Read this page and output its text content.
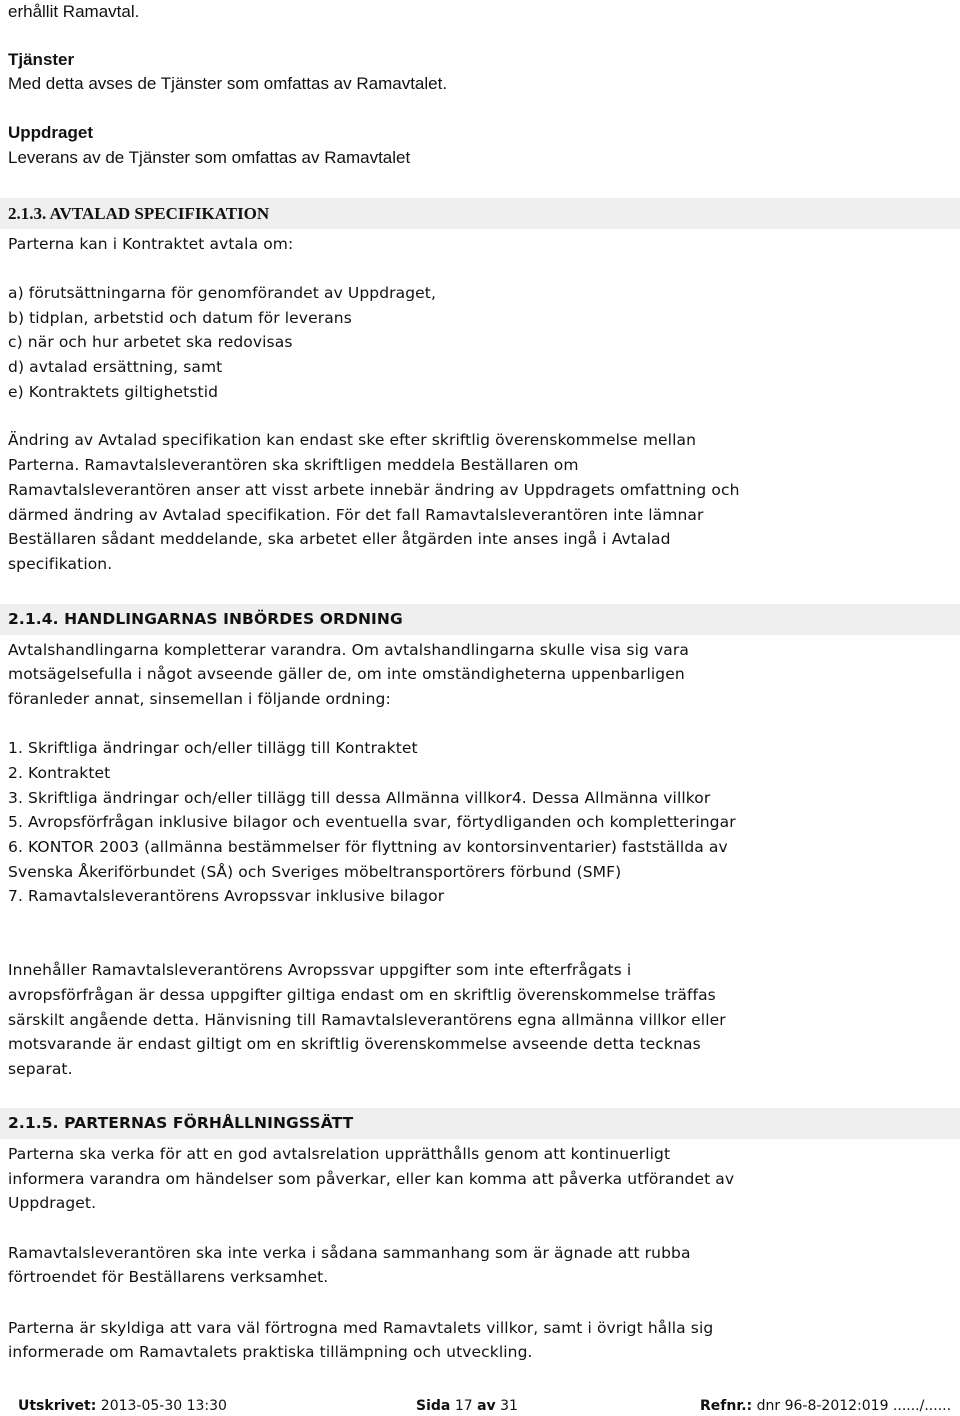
erhållit Ramavtal.
Tjänster
Med detta avses de Tjänster som omfattas av Ramavtalet.
Uppdraget
Leverans av de Tjänster som omfattas av Ramavtalet
2.1.3. AVTALAD SPECIFIKATION
Parterna kan i Kontraktet avtala om:
a) förutsättningarna för genomförandet av Uppdraget,
b) tidplan, arbetstid och datum för leverans
c) när och hur arbetet ska redovisas
d) avtalad ersättning, samt
e) Kontraktets giltighetstid
Ändring av Avtalad specifikation kan endast ske efter skriftlig överenskommelse mellan
Parterna. Ramavtalsleverantören ska skriftligen meddela Beställaren om
Ramavtalsleverantören anser att visst arbete innebär ändring av Uppdragets omfattning och
därmed ändring av Avtalad specifikation. För det fall Ramavtalsleverantören inte lämnar
Beställaren sådant meddelande, ska arbetet eller åtgärden inte anses ingå i Avtalad
specifikation.
2.1.4. HANDLINGARNAS INBÖRDES ORDNING
Avtalshandlingarna kompletterar varandra. Om avtalshandlingarna skulle visa sig vara
motsägelsefulla i något avseende gäller de, om inte omständigheterna uppenbarligen
föranleder annat, sinsemellan i följande ordning:
1. Skriftliga ändringar och/eller tillägg till Kontraktet
2. Kontraktet
3. Skriftliga ändringar och/eller tillägg till dessa Allmänna villkor4. Dessa Allmänna villkor
5. Avropsförfrågan inklusive bilagor och eventuella svar, förtydliganden och kompletteringar
6. KONTOR 2003 (allmänna bestämmelser för flyttning av kontorsinventarier) fastställda av
Svenska Åkeriförbundet (SÅ) och Sveriges möbeltransportörers förbund (SMF)
7. Ramavtalsleverantörens Avropssvar inklusive bilagor
Innehåller Ramavtalsleverantörens Avropssvar uppgifter som inte efterfrågats i
avropsförfrågan är dessa uppgifter giltiga endast om en skriftlig överenskommelse träffas
särskilt angående detta. Hänvisning till Ramavtalsleverantörens egna allmänna villkor eller
motsvarande är endast giltigt om en skriftlig överenskommelse avseende detta tecknas
separat.
2.1.5. PARTERNAS FÖRHÅLLNINGSSÄTT
Parterna ska verka för att en god avtalsrelation upprätthålls genom att kontinuerligt
informera varandra om händelser som påverkar, eller kan komma att påverka utförandet av
Uppdraget.
Ramavtalsleverantören ska inte verka i sådana sammanhang som är ägnade att rubba
förtroendet för Beställarens verksamhet.
Parterna är skyldiga att vara väl förtrogna med Ramavtalets villkor, samt i övrigt hålla sig
informerade om Ramavtalets praktiska tillämpning och utveckling.
Utskrivet: 2013-05-30 13:30	Sida 17 av 31	Refnr.: dnr 96-8-2012:019 ....../......
